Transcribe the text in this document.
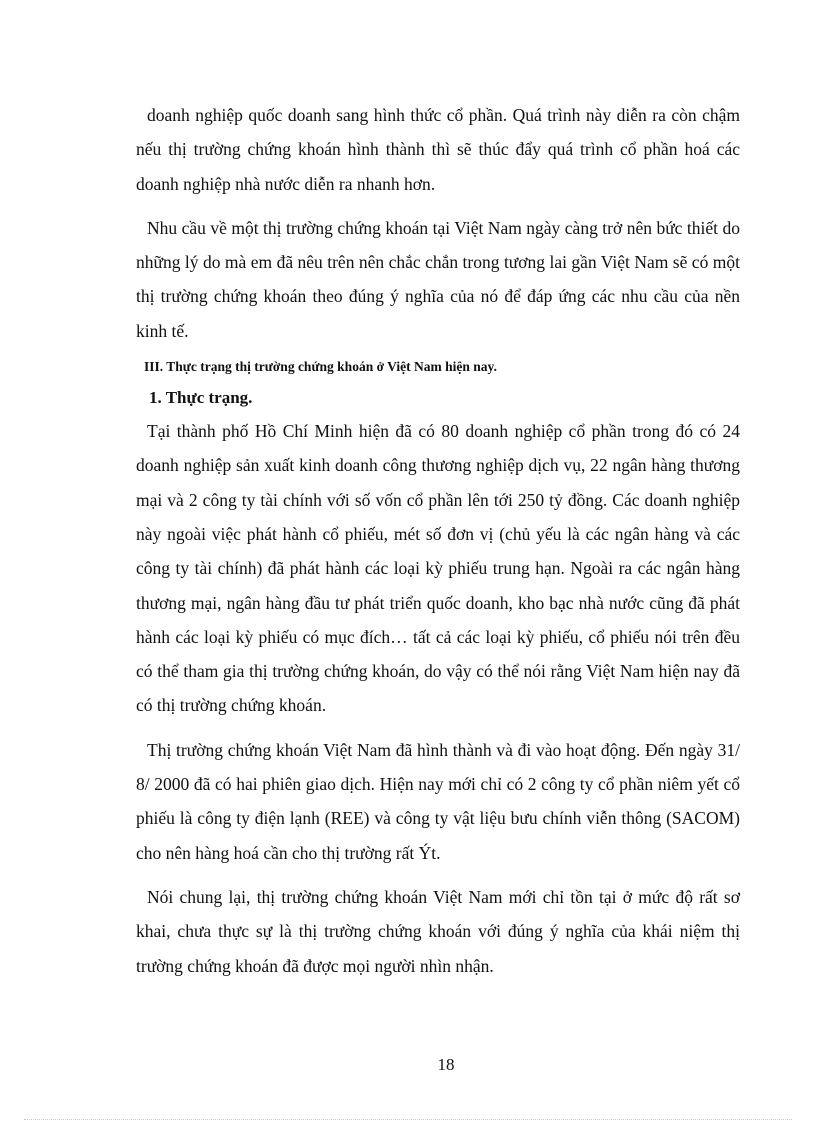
doanh nghiệp quốc doanh sang hình thức cổ phần. Quá trình này diễn ra còn chậm nếu thị trường chứng khoán hình thành thì sẽ thúc đẩy quá trình cổ phần hoá các doanh nghiệp nhà nước diễn ra nhanh hơn.

Nhu cầu về một thị trường chứng khoán tại Việt Nam ngày càng trở nên bức thiết do những lý do mà em đã nêu trên nên chắc chắn trong tương lai gần Việt Nam sẽ có một thị trường chứng khoán theo đúng ý nghĩa của nó để đáp ứng các nhu cầu của nền kinh tế.

III. Thực trạng thị trường chứng khoán ở Việt Nam hiện nay.
1. Thực trạng.

Tại thành phố Hồ Chí Minh hiện đã có 80 doanh nghiệp cổ phần trong đó có 24 doanh nghiệp sản xuất kinh doanh công thương nghiệp dịch vụ, 22 ngân hàng thương mại và 2 công ty tài chính với số vốn cổ phần lên tới 250 tỷ đồng. Các doanh nghiệp này ngoài việc phát hành cổ phiếu, mét số đơn vị (chủ yếu là các ngân hàng và các công ty tài chính) đã phát hành các loại kỳ phiếu trung hạn. Ngoài ra các ngân hàng thương mại, ngân hàng đầu tư phát triển quốc doanh, kho bạc nhà nước cũng đã phát hành các loại kỳ phiếu có mục đích… tất cả các loại kỳ phiếu, cổ phiếu nói trên đều có thể tham gia thị trường chứng khoán, do vậy có thể nói rằng Việt Nam hiện nay đã có thị trường chứng khoán.

Thị trường chứng khoán Việt Nam đã hình thành và đi vào hoạt động. Đến ngày 31/ 8/ 2000 đã có hai phiên giao dịch. Hiện nay mới chỉ có 2 công ty cổ phần niêm yết cổ phiếu là công ty điện lạnh (REE) và công ty vật liệu bưu chính viễn thông (SACOM) cho nên hàng hoá cần cho thị trường rất Ýt.

Nói chung lại, thị trường chứng khoán Việt Nam mới chỉ tồn tại ở mức độ rất sơ khai, chưa thực sự là thị trường chứng khoán với đúng ý nghĩa của khái niệm thị trường chứng khoán đã được mọi người nhìn nhận.

18
